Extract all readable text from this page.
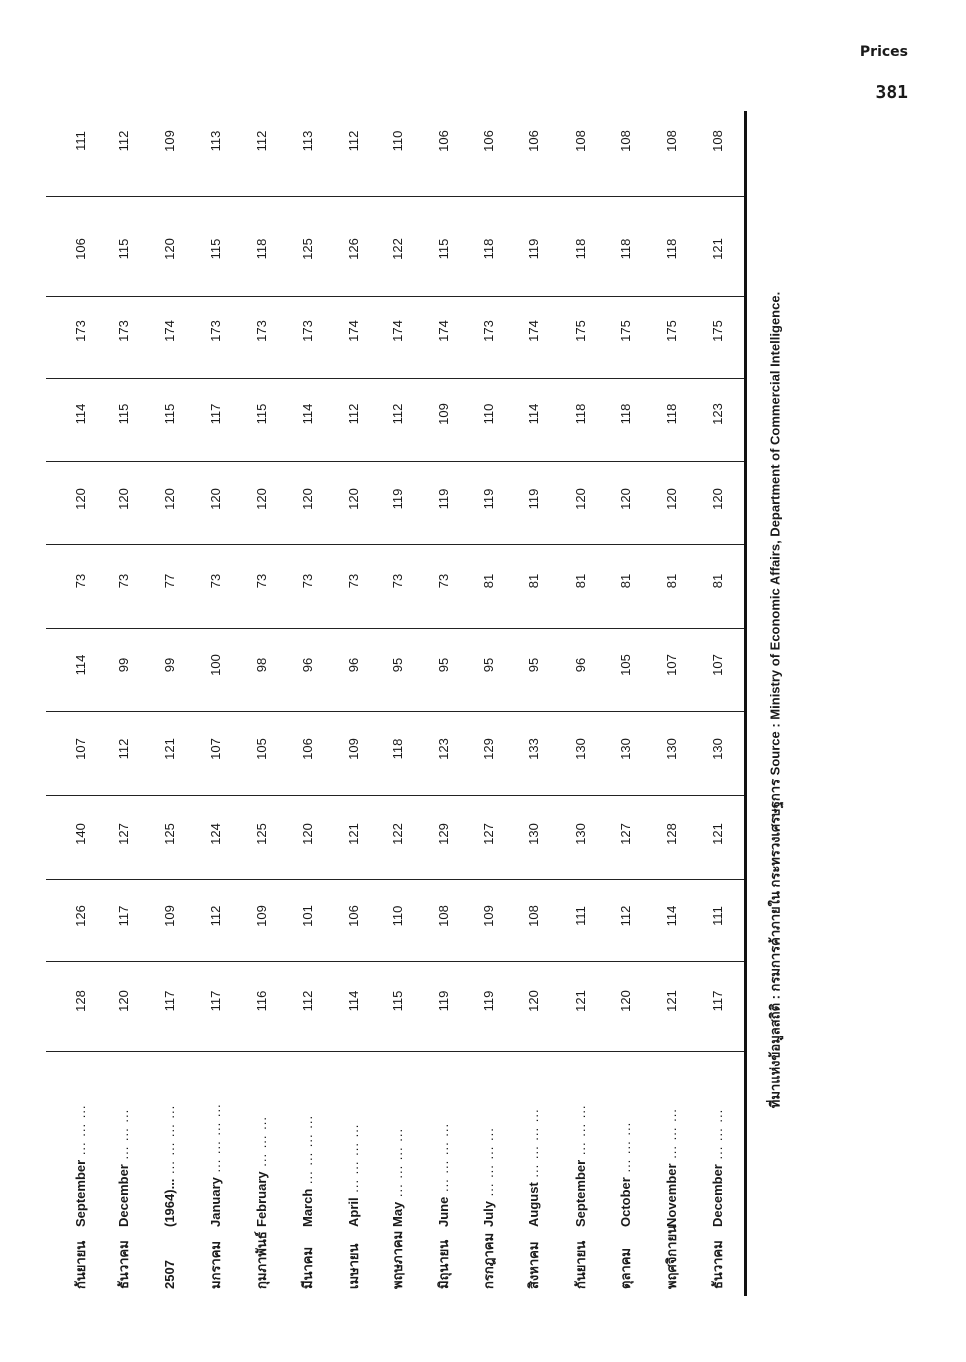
Prices
381
กันยายนSeptember ... ... ...
128
126
140
107
114
73
120
114
173
106
111
ธันวาคมDecember ... ... ...
120
117
127
112
99
73
120
115
173
115
112
2507(1964)... ... ... ... ...
117
109
125
121
99
77
120
115
174
120
109
มกราคมJanuary ... ... ... ...
117
112
124
107
100
73
120
117
173
115
113
กุมภาพันธ์February ... ... ...
116
109
125
105
98
73
120
115
173
118
112
มีนาคมMarch ... ... ... ...
112
101
120
106
96
73
120
114
173
125
113
เมษายนApril ... ... ... ...
114
106
121
109
96
73
120
112
174
126
112
พฤษภาคมMay ... ... ... ...
115
110
122
118
95
73
119
112
174
122
110
มิถุนายนJune ... ... ... ...
119
108
129
123
95
73
119
109
174
115
106
กรกฎาคมJuly ... ... ... ...
119
109
127
129
95
81
119
110
173
118
106
สิงหาคมAugust ... ... ... ...
120
108
130
133
95
81
119
114
174
119
106
กันยายนSeptember ... ... ...
121
111
130
130
96
81
120
118
175
118
108
ตุลาคมOctober ... ... ...
120
112
127
130
105
81
120
118
175
118
108
พฤศจิกายนNovember ... ... ...
121
114
128
130
107
81
120
118
175
118
108
ธันวาคมDecember ... ... ...
117
111
121
130
107
81
120
123
175
121
108
ที่มาแห่งข้อมูลสถิติ : กรมการค้าภายใน กระทรวงเศรษฐการ Source : Ministry of Economic Affairs, Department of Commercial Intelligence.
